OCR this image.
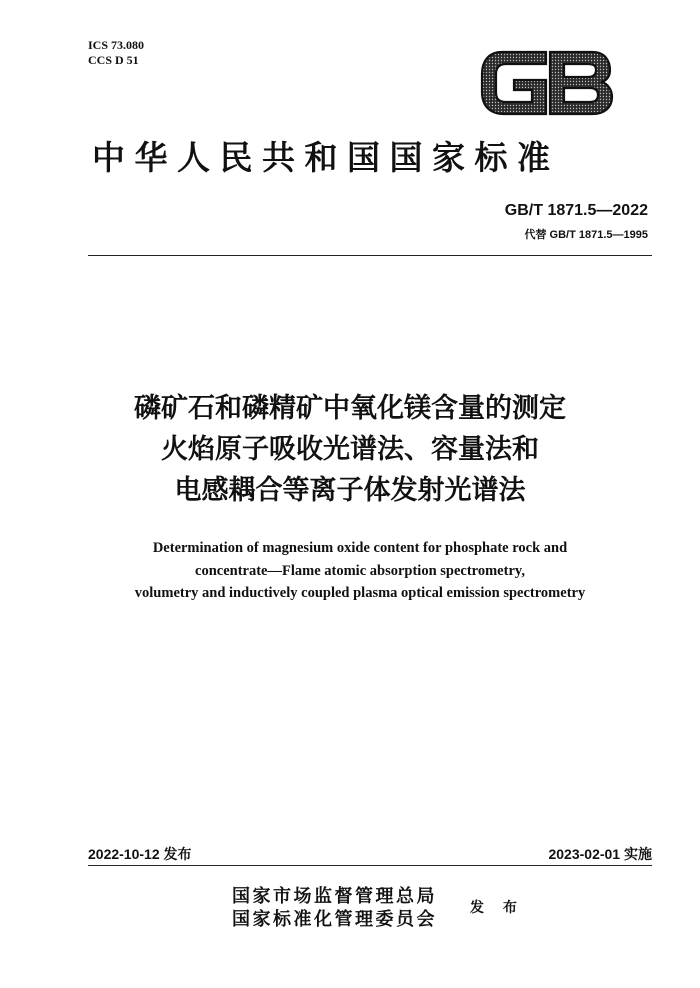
ICS 73.080
CCS D 51
GB
中华人民共和国国家标准
GB/T 1871.5—2022
代替 GB/T 1871.5—1995
磷矿石和磷精矿中氧化镁含量的测定
火焰原子吸收光谱法、容量法和
电感耦合等离子体发射光谱法
Determination of magnesium oxide content for phosphate rock and
concentrate—Flame atomic absorption spectrometry,
volumetry and inductively coupled plasma optical emission spectrometry
2022-10-12 发布	2023-02-01 实施
国家市场监督管理总局
国家标准化管理委员会
发 布
